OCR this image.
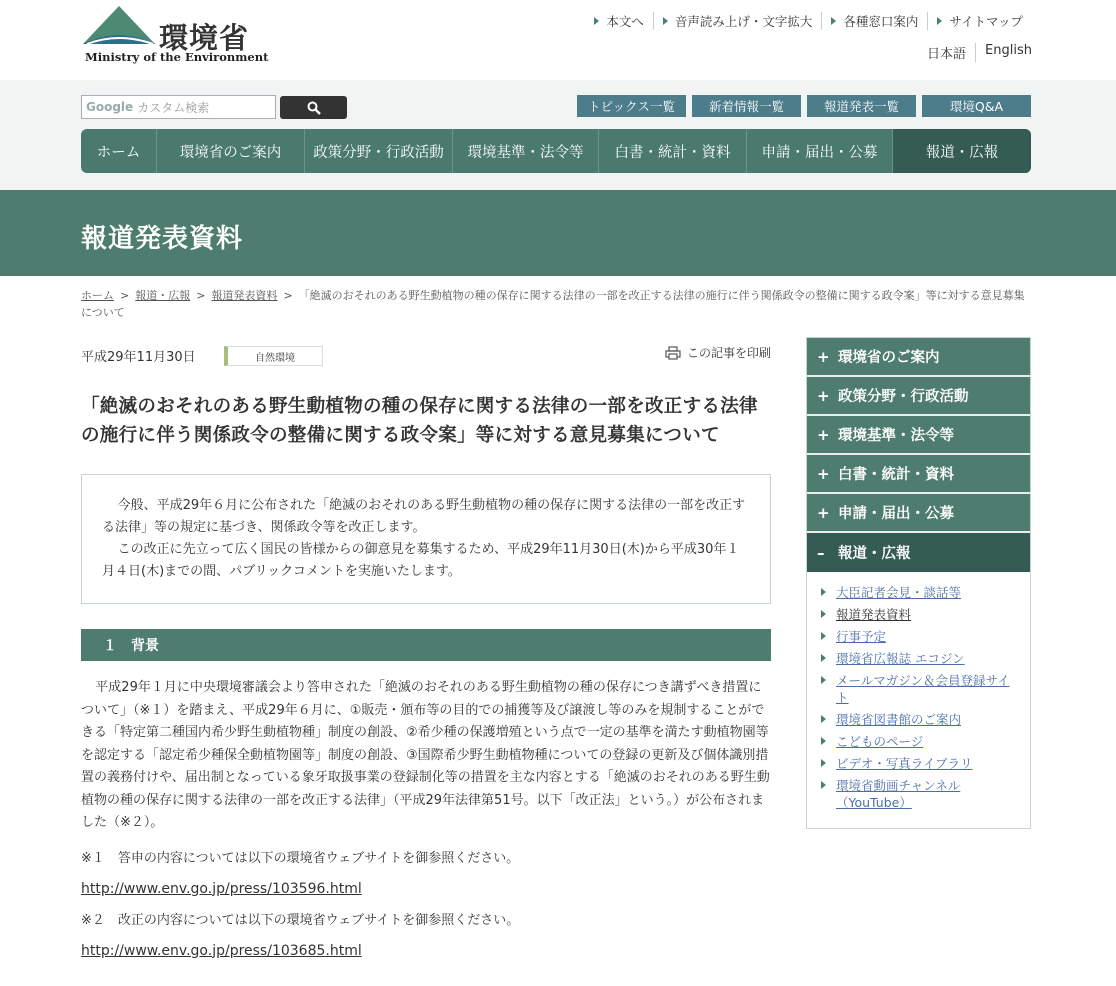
環境省
Ministry of the Environment
本文へ 音声読み上げ・文字拡大 各種窓口案内 サイトマップ
日本語	English
Google カスタム検索	トピックス一覧	新着情報一覧	報道発表一覧	環境Q&A
ホーム	環境省のご案内	政策分野・行政活動	環境基準・法令等	白書・統計・資料	申請・届出・公募	報道・広報
報道発表資料
ホーム > 報道・広報 > 報道発表資料 > 「絶滅のおそれのある野生動植物の種の保存に関する法律の一部を改正する法律の施行に伴う関係政令の整備に関する政令案」等に対する意見募集について
平成29年11月30日	自然環境	この記事を印刷
「絶滅のおそれのある野生動植物の種の保存に関する法律の一部を改正する法律の施行に伴う関係政令の整備に関する政令案」等に対する意見募集について

今般、平成29年６月に公布された「絶滅のおそれのある野生動植物の種の保存に関する法律の一部を改正する法律」等の規定に基づき、関係政令等を改正します。

この改正に先立って広く国民の皆様からの御意見を募集するため、平成29年11月30日(木)から平成30年１月４日(木)までの間、パブリックコメントを実施いたします。

１　背景

平成29年１月に中央環境審議会より答申された「絶滅のおそれのある野生動植物の種の保存につき講ずべき措置について」（※１）を踏まえ、平成29年６月に、①販売・頒布等の目的での捕獲等及び譲渡し等のみを規制することができる「特定第二種国内希少野生動植物種」制度の創設、②希少種の保護増殖という点で一定の基準を満たす動植物園等を認定する「認定希少種保全動植物園等」制度の創設、③国際希少野生動植物種についての登録の更新及び個体識別措置の義務付けや、届出制となっている象牙取扱事業の登録制化等の措置を主な内容とする「絶滅のおそれのある野生動植物の種の保存に関する法律の一部を改正する法律」（平成29年法律第51号。以下「改正法」という。）が公布されました（※２）。

※１　答申の内容については以下の環境省ウェブサイトを御参照ください。

http://www.env.go.jp/press/103596.html

※２　改正の内容については以下の環境省ウェブサイトを御参照ください。

http://www.env.go.jp/press/103685.html

+ 環境省のご案内
+ 政策分野・行政活動
+ 環境基準・法令等
+ 白書・統計・資料
+ 申請・届出・公募
– 報道・広報
大臣記者会見・談話等
報道発表資料
行事予定
環境省広報誌 エコジン
メールマガジン＆会員登録サイト
環境省図書館のご案内
こどものページ
ビデオ・写真ライブラリ
環境省動画チャンネル（YouTube）
